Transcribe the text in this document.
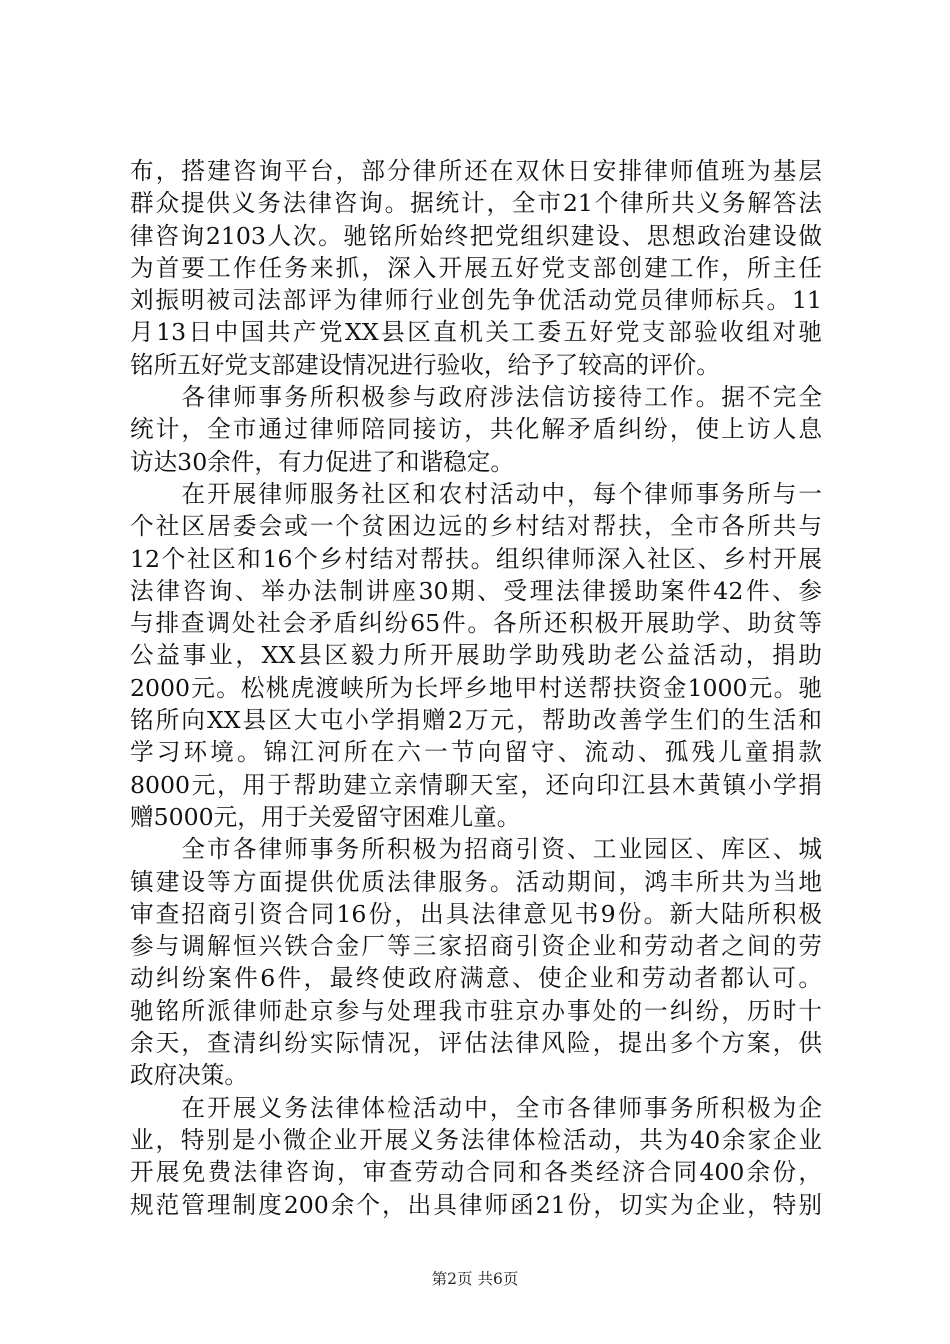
布，搭建咨询平台，部分律所还在双休日安排律师值班为基层
群众提供义务法律咨询。据统计，全市21个律所共义务解答法
律咨询2103人次。驰铭所始终把党组织建设、思想政治建设做
为首要工作任务来抓，深入开展五好党支部创建工作，所主任
刘振明被司法部评为律师行业创先争优活动党员律师标兵。11
月13日中国共产党XX县区直机关工委五好党支部验收组对驰
铭所五好党支部建设情况进行验收，给予了较高的评价。
　　各律师事务所积极参与政府涉法信访接待工作。据不完全
统计，全市通过律师陪同接访，共化解矛盾纠纷，使上访人息
访达30余件，有力促进了和谐稳定。
　　在开展律师服务社区和农村活动中，每个律师事务所与一
个社区居委会或一个贫困边远的乡村结对帮扶，全市各所共与
12个社区和16个乡村结对帮扶。组织律师深入社区、乡村开展
法律咨询、举办法制讲座30期、受理法律援助案件42件、参
与排查调处社会矛盾纠纷65件。各所还积极开展助学、助贫等
公益事业，XX县区毅力所开展助学助残助老公益活动，捐助
2000元。松桃虎渡峡所为长坪乡地甲村送帮扶资金1000元。驰
铭所向XX县区大屯小学捐赠2万元，帮助改善学生们的生活和
学习环境。锦江河所在六一节向留守、流动、孤残儿童捐款
8000元，用于帮助建立亲情聊天室，还向印江县木黄镇小学捐
赠5000元，用于关爱留守困难儿童。
　　全市各律师事务所积极为招商引资、工业园区、库区、城
镇建设等方面提供优质法律服务。活动期间，鸿丰所共为当地
审查招商引资合同16份，出具法律意见书9份。新大陆所积极
参与调解恒兴铁合金厂等三家招商引资企业和劳动者之间的劳
动纠纷案件6件，最终使政府满意、使企业和劳动者都认可。
驰铭所派律师赴京参与处理我市驻京办事处的一纠纷，历时十
余天，查清纠纷实际情况，评估法律风险，提出多个方案，供
政府决策。
　　在开展义务法律体检活动中，全市各律师事务所积极为企
业，特别是小微企业开展义务法律体检活动，共为40余家企业
开展免费法律咨询，审查劳动合同和各类经济合同400余份，
规范管理制度200余个，出具律师函21份，切实为企业，特别
第2页 共6页
